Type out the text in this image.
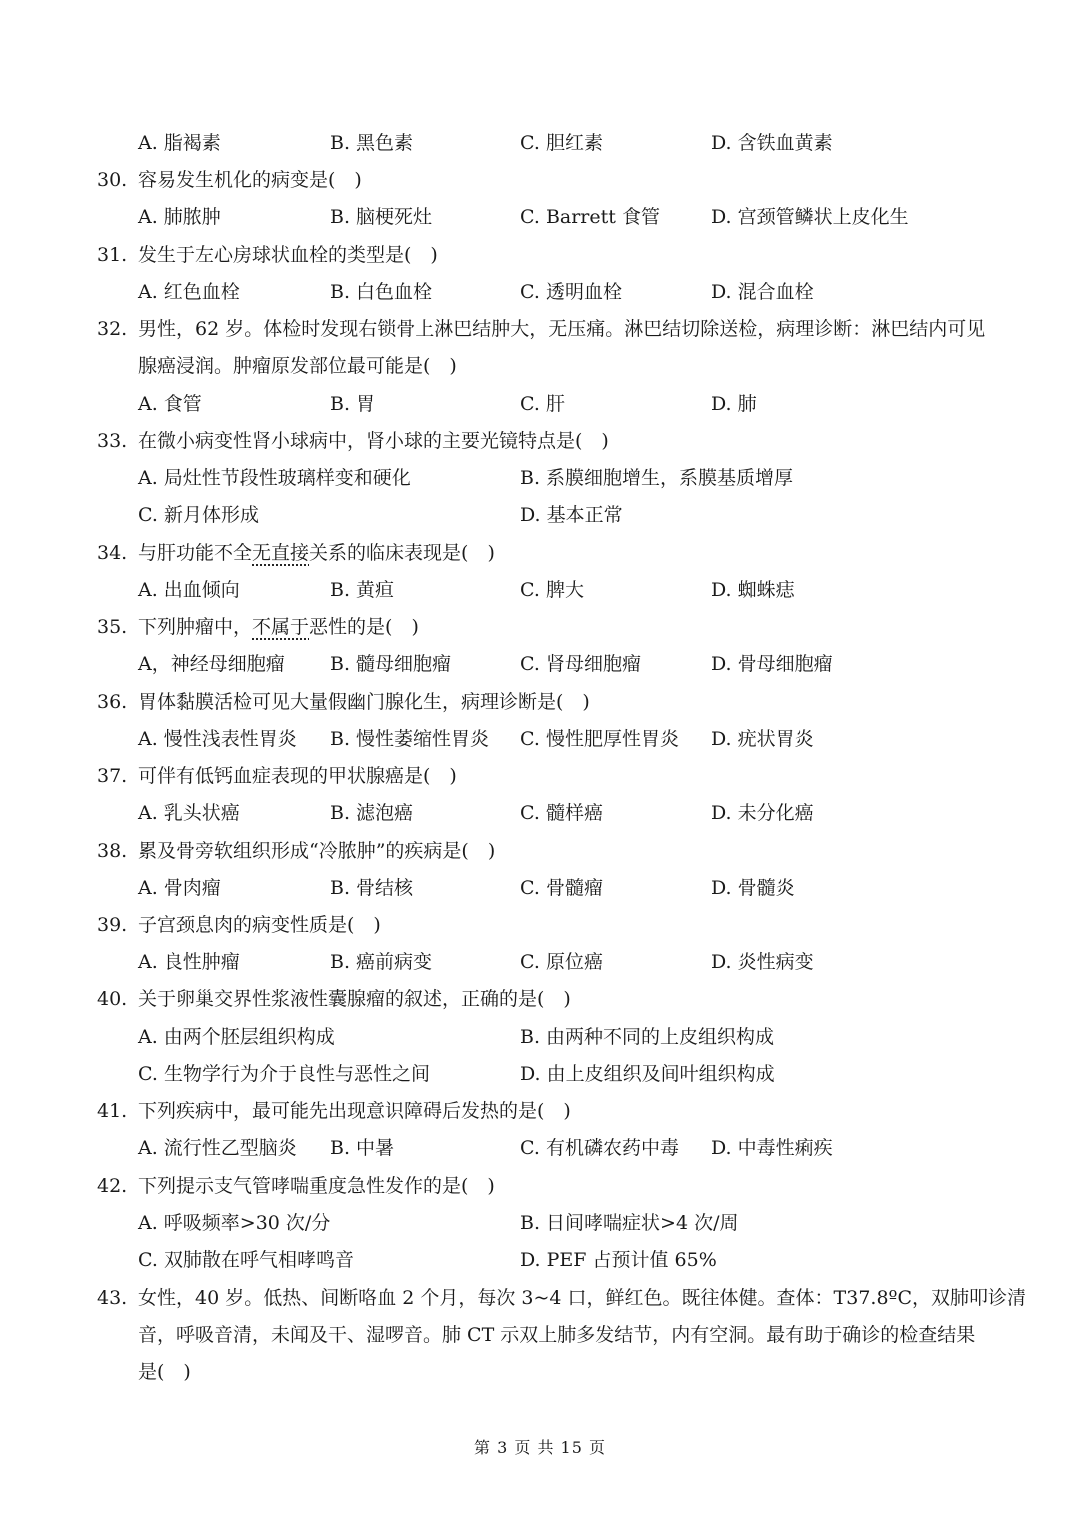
A. 脂褐素	B. 黑色素	C. 胆红素	D. 含铁血黄素
30. 容易发生机化的病变是(　)
A. 肺脓肿	B. 脑梗死灶	C. Barrett 食管	D. 宫颈管鳞状上皮化生
31. 发生于左心房球状血栓的类型是(　)
A. 红色血栓	B. 白色血栓	C. 透明血栓	D. 混合血栓
32. 男性，62 岁。体检时发现右锁骨上淋巴结肿大，无压痛。淋巴结切除送检，病理诊断：淋巴结内可见
腺癌浸润。肿瘤原发部位最可能是(　)
A. 食管	B. 胃	C. 肝	D. 肺
33. 在微小病变性肾小球病中，肾小球的主要光镜特点是(　)
A. 局灶性节段性玻璃样变和硬化	B. 系膜细胞增生，系膜基质增厚
C. 新月体形成	D. 基本正常
34. 与肝功能不全无直接关系的临床表现是(　)
A. 出血倾向	B. 黄疸	C. 脾大	D. 蜘蛛痣
35. 下列肿瘤中，不属于恶性的是(　)
A，神经母细胞瘤 B. 髓母细胞瘤	C. 肾母细胞瘤	D. 骨母细胞瘤
36. 胃体黏膜活检可见大量假幽门腺化生，病理诊断是(　)
A. 慢性浅表性胃炎 B. 慢性萎缩性胃炎 C. 慢性肥厚性胃炎 D. 疣状胃炎
37. 可伴有低钙血症表现的甲状腺癌是(　)
A. 乳头状癌	B. 滤泡癌	C. 髓样癌	D. 未分化癌
38. 累及骨旁软组织形成“冷脓肿”的疾病是(　)
A. 骨肉瘤	B. 骨结核	C. 骨髓瘤	D. 骨髓炎
39. 子宫颈息肉的病变性质是(　)
A. 良性肿瘤	B. 癌前病变	C. 原位癌	D. 炎性病变
40. 关于卵巢交界性浆液性囊腺瘤的叙述，正确的是(　)
A. 由两个胚层组织构成	B. 由两种不同的上皮组织构成
C. 生物学行为介于良性与恶性之间	D. 由上皮组织及间叶组织构成
41. 下列疾病中，最可能先出现意识障碍后发热的是(　)
A. 流行性乙型脑炎 B. 中暑	C. 有机磷农药中毒 D. 中毒性痢疾
42. 下列提示支气管哮喘重度急性发作的是(　)
A. 呼吸频率>30 次/分	B. 日间哮喘症状>4 次/周
C. 双肺散在呼气相哮鸣音	D. PEF 占预计值 65%
43. 女性，40 岁。低热、间断咯血 2 个月，每次 3~4 口，鲜红色。既往体健。查体：T37.8ºC，双肺叩诊清
音，呼吸音清，未闻及干、湿啰音。肺 CT 示双上肺多发结节，内有空洞。最有助于确诊的检查结果
是(　)
第 3 页 共 15 页
